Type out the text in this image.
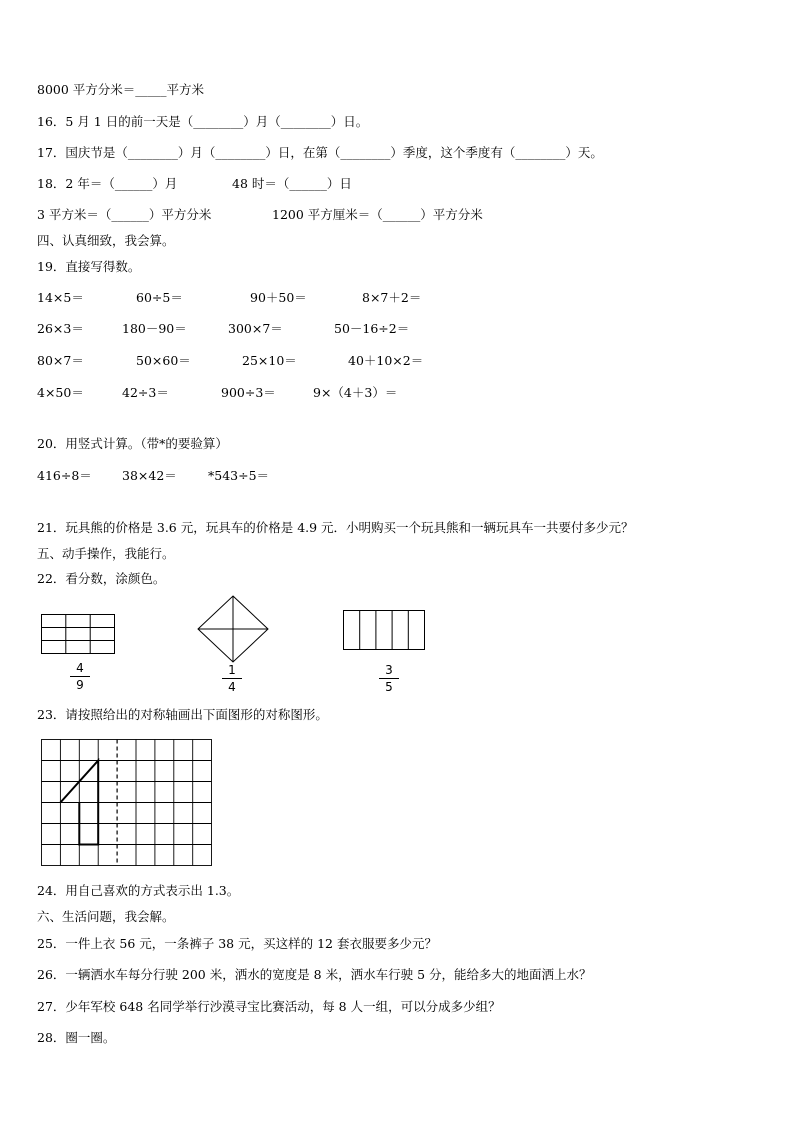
8000 平方分米＝_____平方米
16．5 月 1 日的前一天是（________）月（________）日。
17．国庆节是（________）月（________）日，在第（________）季度，这个季度有（________）天。
18．2 年＝（______）月	48 时＝（______）日
3 平方米＝（______）平方分米	1200 平方厘米＝（______）平方分米
四、认真细致，我会算。
19．直接写得数。
14×5＝	60÷5＝	90＋50＝	8×7＋2＝
26×3＝	180－90＝	300×7＝	50－16÷2＝
80×7＝	50×60＝	25×10＝	40＋10×2＝
4×50＝	42÷3＝	900÷3＝	9×（4＋3）＝
20．用竖式计算。（带*的要验算）
416÷8＝ 38×42＝ *543÷5＝
21．玩具熊的价格是 3.6 元，玩具车的价格是 4.9 元．小明购买一个玩具熊和一辆玩具车一共要付多少元？
五、动手操作，我能行。
22．看分数，涂颜色。
4
9
1
4
3
5
23．请按照给出的对称轴画出下面图形的对称图形。
24．用自己喜欢的方式表示出 1.3。
六、生活问题，我会解。
25．一件上衣 56 元，一条裤子 38 元，买这样的 12 套衣服要多少元？
26．一辆洒水车每分行驶 200 米，洒水的宽度是 8 米，洒水车行驶 5 分，能给多大的地面洒上水？
27．少年军校 648 名同学举行沙漠寻宝比赛活动，每 8 人一组，可以分成多少组？
28．圈一圈。
